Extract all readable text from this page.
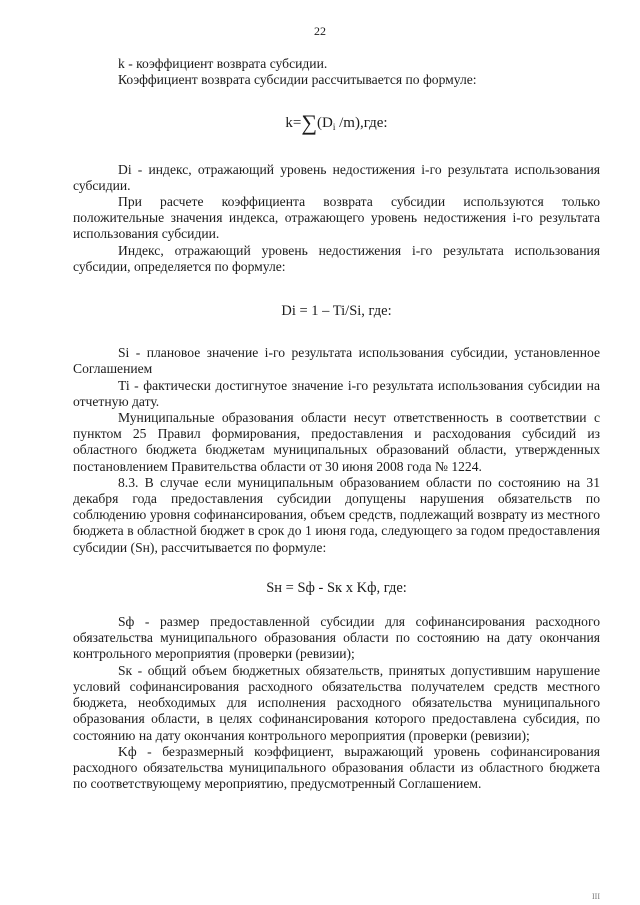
22

k - коэффициент возврата субсидии.

Коэффициент возврата субсидии рассчитывается по формуле:

$k=\sum(D_i$ /m),где:

Di - индекс, отражающий уровень недостижения i-го результата использования субсидии.

При расчете коэффициента возврата субсидии используются только положительные значения индекса, отражающего уровень недостижения i-го результата использования субсидии.

Индекс, отражающий уровень недостижения i-го результата использования субсидии, определяется по формуле:

Di = 1 – Ti/Si, где:

Si - плановое значение i-го результата использования субсидии, установленное Соглашением

Ti - фактически достигнутое значение i-го результата использования субсидии на отчетную дату.

Муниципальные образования области несут ответственность в соответствии с пунктом 25 Правил формирования, предоставления и расходования субсидий из областного бюджета бюджетам муниципальных образований области, утвержденных постановлением Правительства области от 30 июня 2008 года № 1224.

8.3. В случае если муниципальным образованием области по состоянию на 31 декабря года предоставления субсидии допущены нарушения обязательств по соблюдению уровня софинансирования, объем средств, подлежащий возврату из местного бюджета в областной бюджет в срок до 1 июня года, следующего за годом предоставления субсидии (Sн), рассчитывается по формуле:

Sн = Sф - Sк x Kф, где:

Sф - размер предоставленной субсидии для софинансирования расходного обязательства муниципального образования области по состоянию на дату окончания контрольного мероприятия (проверки (ревизии);

Sк - общий объем бюджетных обязательств, принятых допустившим нарушение условий софинансирования расходного обязательства получателем средств местного бюджета, необходимых для исполнения расходного обязательства муниципального образования области, в целях софинансирования которого предоставлена субсидия, по состоянию на дату окончания контрольного мероприятия (проверки (ревизии);

Kф - безразмерный коэффициент, выражающий уровень софинансирования расходного обязательства муниципального образования области из областного бюджета по соответствующему мероприятию, предусмотренный Соглашением.

ІІІ
